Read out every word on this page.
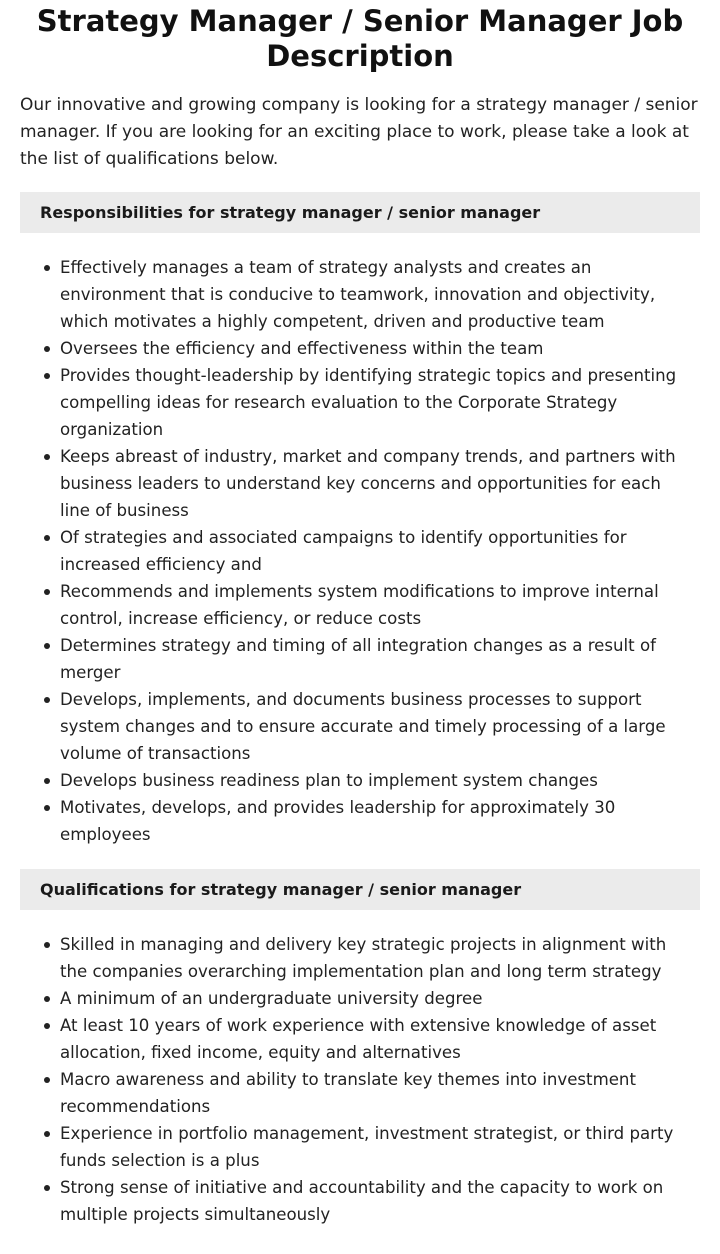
Strategy Manager / Senior Manager Job Description

Our innovative and growing company is looking for a strategy manager / senior manager. If you are looking for an exciting place to work, please take a look at the list of qualifications below.

Responsibilities for strategy manager / senior manager
Effectively manages a team of strategy analysts and creates an environment that is conducive to teamwork, innovation and objectivity, which motivates a highly competent, driven and productive team
Oversees the efficiency and effectiveness within the team
Provides thought-leadership by identifying strategic topics and presenting compelling ideas for research evaluation to the Corporate Strategy organization
Keeps abreast of industry, market and company trends, and partners with business leaders to understand key concerns and opportunities for each line of business
Of strategies and associated campaigns to identify opportunities for increased efficiency and
Recommends and implements system modifications to improve internal control, increase efficiency, or reduce costs
Determines strategy and timing of all integration changes as a result of merger
Develops, implements, and documents business processes to support system changes and to ensure accurate and timely processing of a large volume of transactions
Develops business readiness plan to implement system changes
Motivates, develops, and provides leadership for approximately 30 employees
Qualifications for strategy manager / senior manager
Skilled in managing and delivery key strategic projects in alignment with the companies overarching implementation plan and long term strategy
A minimum of an undergraduate university degree
At least 10 years of work experience with extensive knowledge of asset allocation, fixed income, equity and alternatives
Macro awareness and ability to translate key themes into investment recommendations
Experience in portfolio management, investment strategist, or third party funds selection is a plus
Strong sense of initiative and accountability and the capacity to work on multiple projects simultaneously
